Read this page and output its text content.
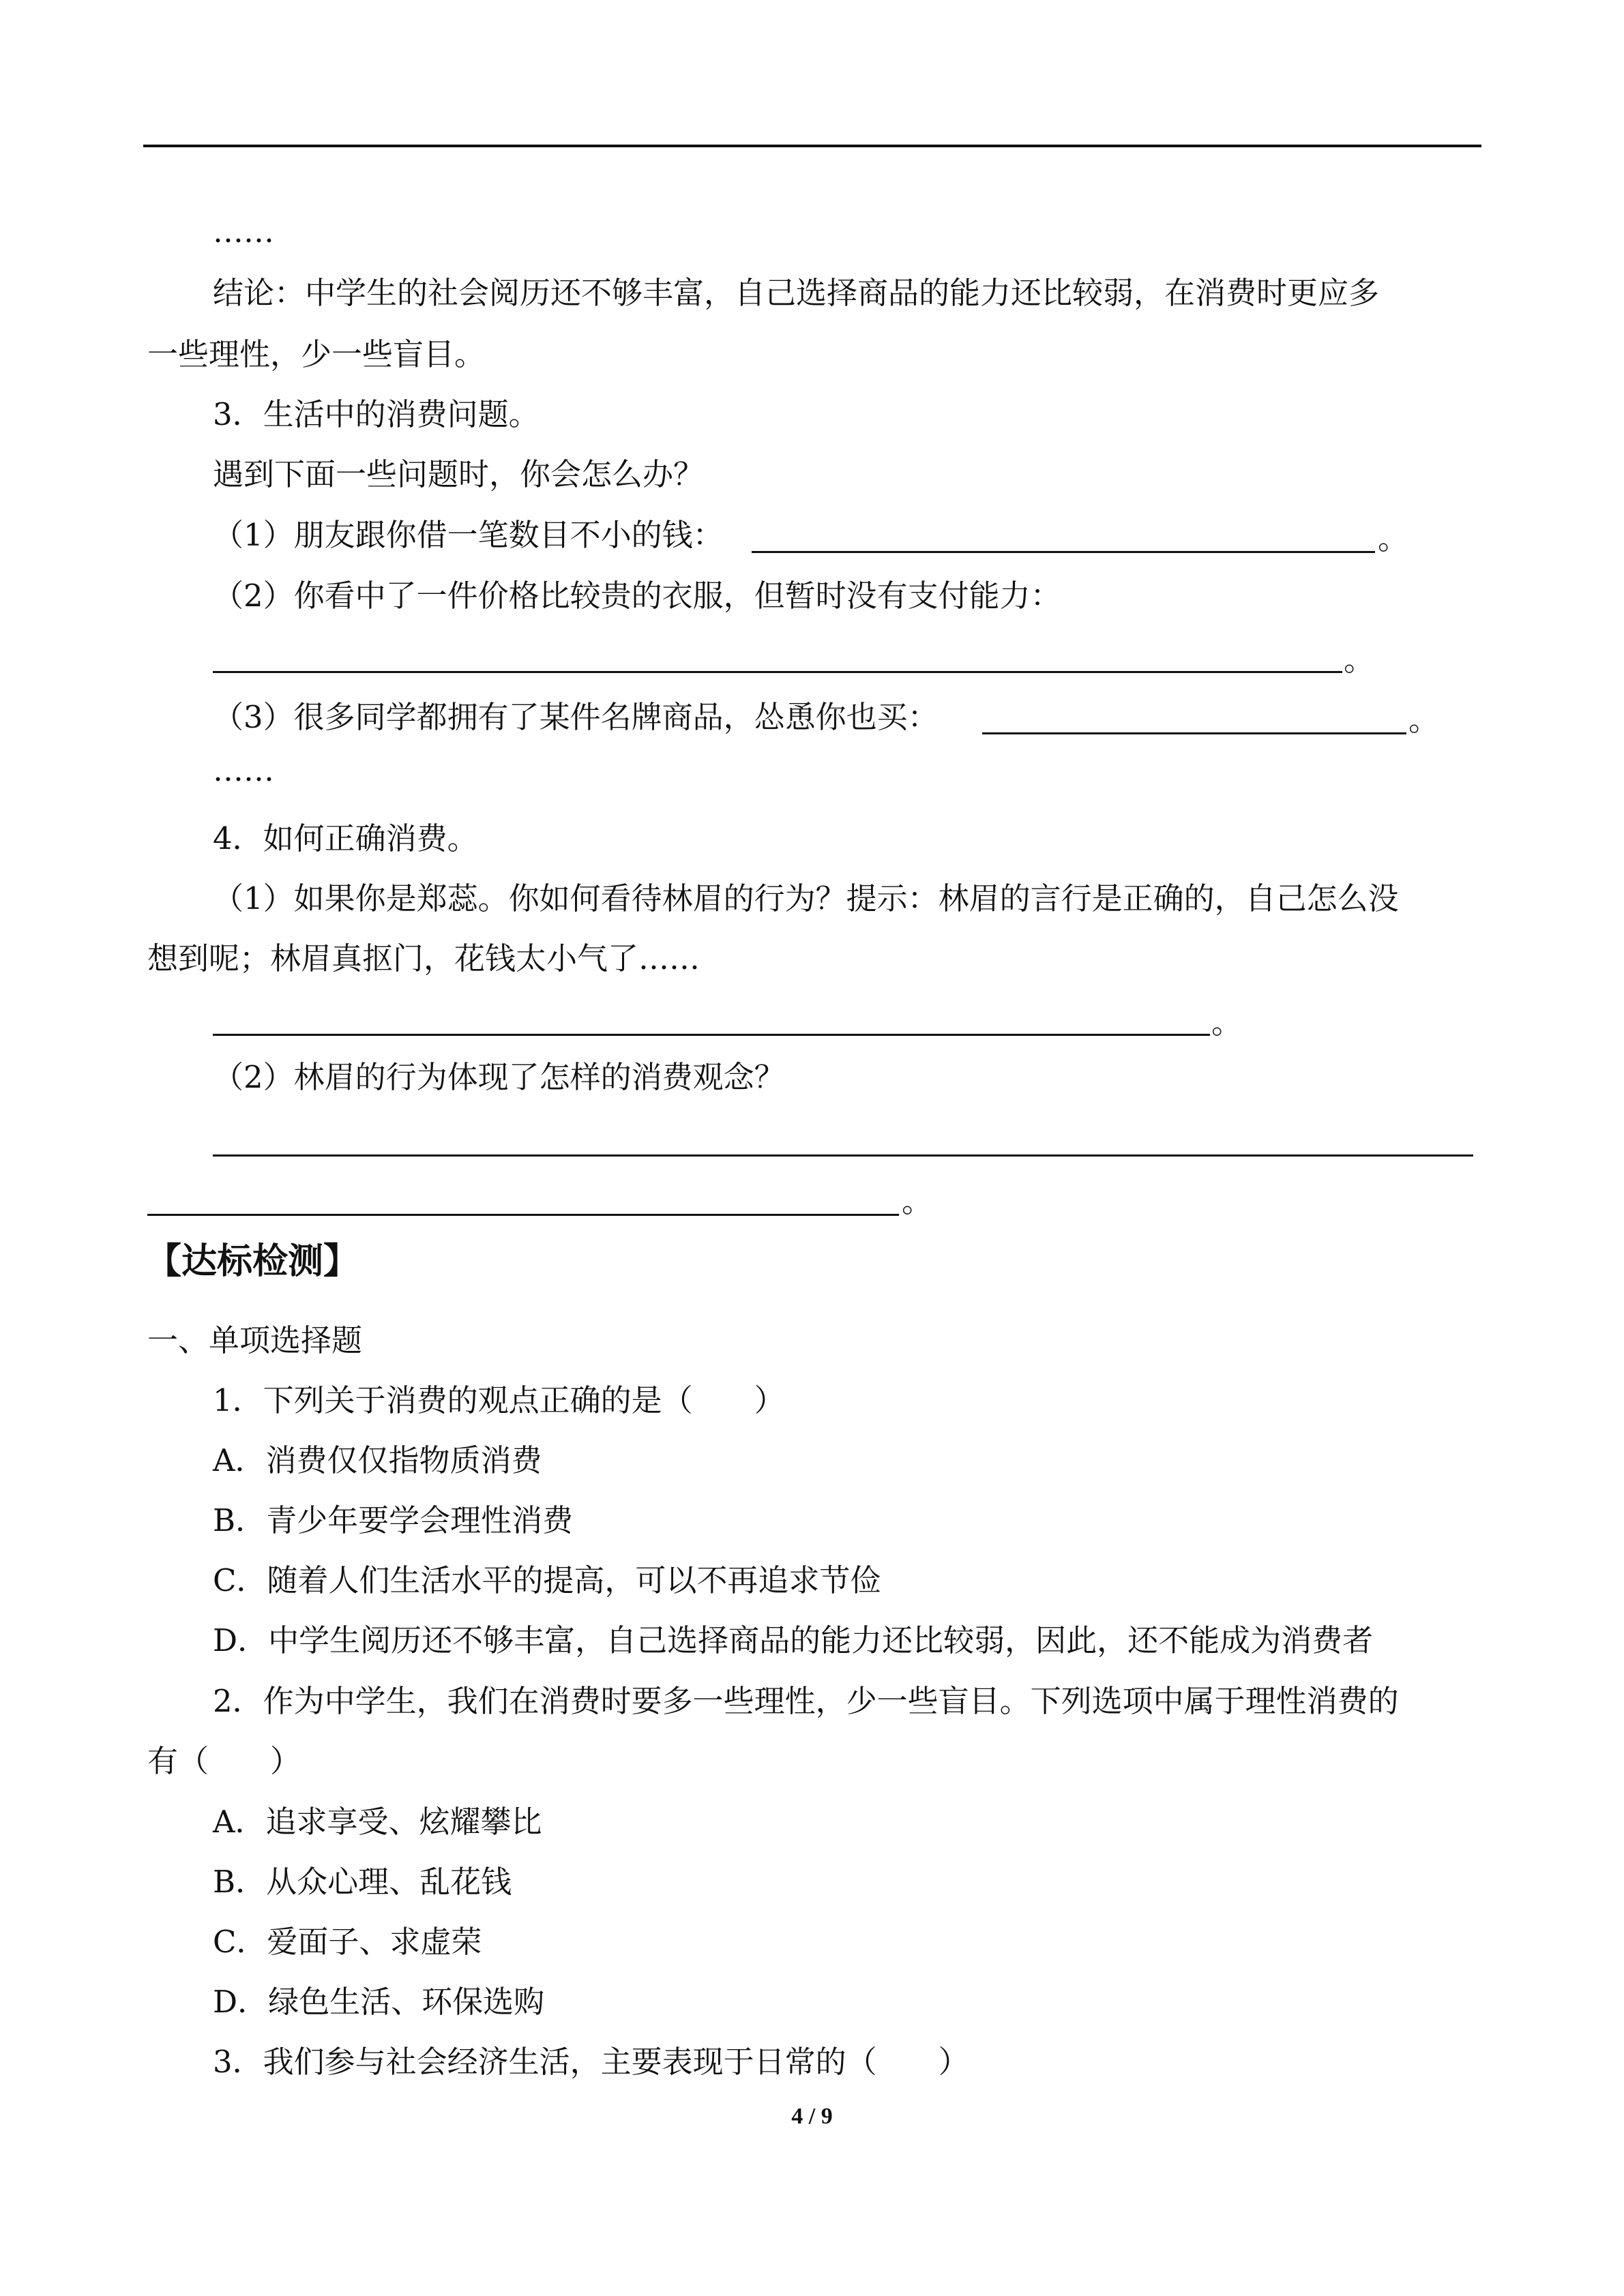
……
结论：中学生的社会阅历还不够丰富，自己选择商品的能力还比较弱，在消费时更应多
一些理性，少一些盲目。
3．生活中的消费问题。
遇到下面一些问题时，你会怎么办？
（1）朋友跟你借一笔数目不小的钱：	。
（2）你看中了一件价格比较贵的衣服，但暂时没有支付能力：
。
（3）很多同学都拥有了某件名牌商品，怂恿你也买：	。
……
4．如何正确消费。
（1）如果你是郑蕊。你如何看待林眉的行为？提示：林眉的言行是正确的，自己怎么没
想到呢；林眉真抠门，花钱太小气了……
。
（2）林眉的行为体现了怎样的消费观念？
。
【达标检测】
一、单项选择题
1．下列关于消费的观点正确的是（　　）
A．消费仅仅指物质消费
B．青少年要学会理性消费
C．随着人们生活水平的提高，可以不再追求节俭
D．中学生阅历还不够丰富，自己选择商品的能力还比较弱，因此，还不能成为消费者
2．作为中学生，我们在消费时要多一些理性，少一些盲目。下列选项中属于理性消费的
有（　　）
A．追求享受、炫耀攀比
B．从众心理、乱花钱
C．爱面子、求虚荣
D．绿色生活、环保选购
3．我们参与社会经济生活，主要表现于日常的（　　）
4 / 9
